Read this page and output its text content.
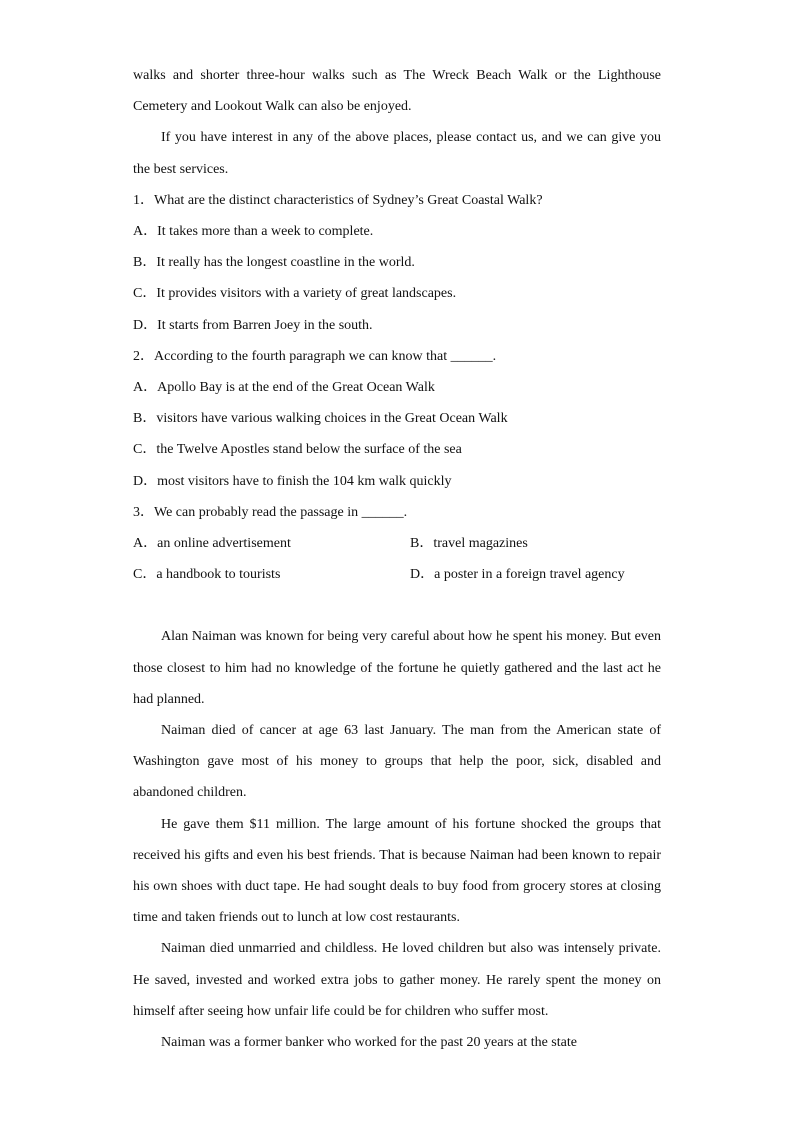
walks and shorter three-hour walks such as The Wreck Beach Walk or the Lighthouse Cemetery and Lookout Walk can also be enjoyed.

If you have interest in any of the above places, please contact us, and we can give you the best services.

1．What are the distinct characteristics of Sydney’s Great Coastal Walk?
A．It takes more than a week to complete.
B．It really has the longest coastline in the world.
C．It provides visitors with a variety of great landscapes.
D．It starts from Barren Joey in the south.
2．According to the fourth paragraph we can know that ______.
A．Apollo Bay is at the end of the Great Ocean Walk
B．visitors have various walking choices in the Great Ocean Walk
C．the Twelve Apostles stand below the surface of the sea
D．most visitors have to finish the 104 km walk quickly
3．We can probably read the passage in ______.
A．an online advertisement	B．travel magazines
C．a handbook to tourists	D．a poster in a foreign travel agency

Alan Naiman was known for being very careful about how he spent his money. But even those closest to him had no knowledge of the fortune he quietly gathered and the last act he had planned.

Naiman died of cancer at age 63 last January. The man from the American state of Washington gave most of his money to groups that help the poor, sick, disabled and abandoned children.

He gave them $11 million. The large amount of his fortune shocked the groups that received his gifts and even his best friends. That is because Naiman had been known to repair his own shoes with duct tape. He had sought deals to buy food from grocery stores at closing time and taken friends out to lunch at low cost restaurants.

Naiman died unmarried and childless. He loved children but also was intensely private. He saved, invested and worked extra jobs to gather money. He rarely spent the money on himself after seeing how unfair life could be for children who suffer most.

Naiman was a former banker who worked for the past 20 years at the state
